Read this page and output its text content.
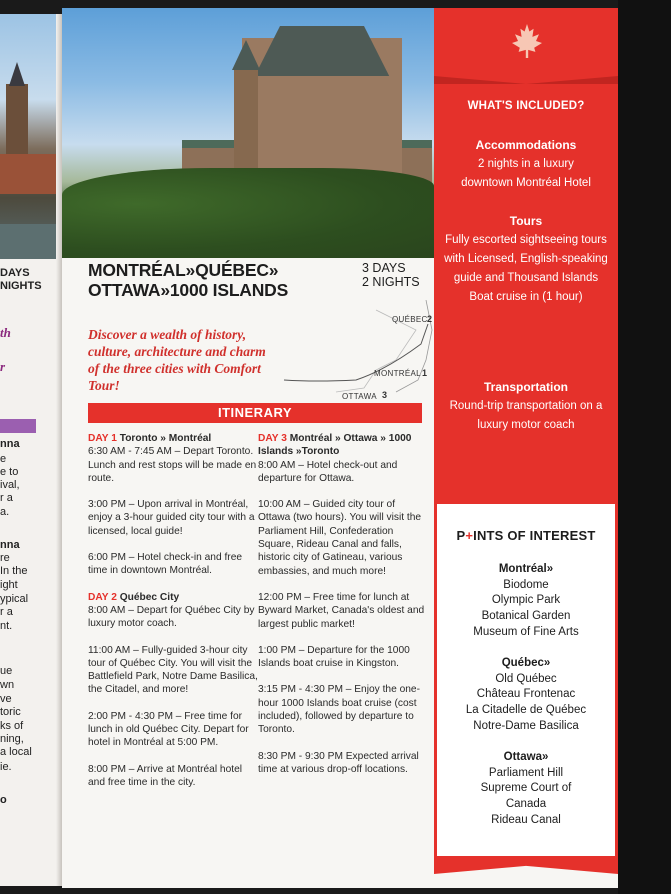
DAYS
NIGHTS
th
r
nna
e
e to
ival,
r a
a.
nna
re
In the
ight
ypical
r a
nt.
ue
wn
ve
toric
ks of
ning,
a local
ie.
o
MONTRÉAL»QUÉBEC»
OTTAWA»1000 ISLANDS
3 DAYS
2 NIGHTS
Discover a wealth of history, culture, architecture and charm of the three cities with Comfort Tour!
QUÉBEC 2
MONTRÉAL 1
OTTAWA 3
ITINERARY
DAY 1 Toronto » Montréal
6:30 AM - 7:45 AM – Depart Toronto. Lunch and rest stops will be made en route.
3:00 PM – Upon arrival in Montréal, enjoy a 3-hour guided city tour with a licensed, local guide!
6:00 PM – Hotel check-in and free time in downtown Montréal.
DAY 2 Québec City
8:00 AM – Depart for Québec City by luxury motor coach.
11:00 AM – Fully-guided 3-hour city tour of Québec City. You will visit the Battlefield Park, Notre Dame Basilica, the Citadel, and more!
2:00 PM - 4:30 PM – Free time for lunch in old Québec City. Depart for hotel in Montréal at 5:00 PM.
8:00 PM – Arrive at Montréal hotel and free time in the city.
DAY 3 Montréal » Ottawa » 1000 Islands »Toronto
8:00 AM – Hotel check-out and departure for Ottawa.
10:00 AM – Guided city tour of Ottawa (two hours). You will visit the Parliament Hill, Confederation Square, Rideau Canal and falls, historic city of Gatineau, various embassies, and much more!
12:00 PM – Free time for lunch at Byward Market, Canada's oldest and largest public market!
1:00 PM – Departure for the 1000 Islands boat cruise in Kingston.
3:15 PM - 4:30 PM – Enjoy the one-hour 1000 Islands boat cruise (cost included), followed by departure to Toronto.
8:30 PM - 9:30 PM Expected arrival time at various drop-off locations.
WHAT'S INCLUDED?
Accommodations
2 nights in a luxury downtown Montréal Hotel
Tours
Fully escorted sightseeing tours with Licensed, English-speaking guide and Thousand Islands Boat cruise in (1 hour)
Transportation
Round-trip transportation on a luxury motor coach
P+INTS OF INTEREST
Montréal»
Biodome
Olympic Park
Botanical Garden
Museum of Fine Arts
Québec»
Old Québec
Château Frontenac
La Citadelle de Québec
Notre-Dame Basilica
Ottawa»
Parliament Hill
Supreme Court of
Canada
Rideau Canal
